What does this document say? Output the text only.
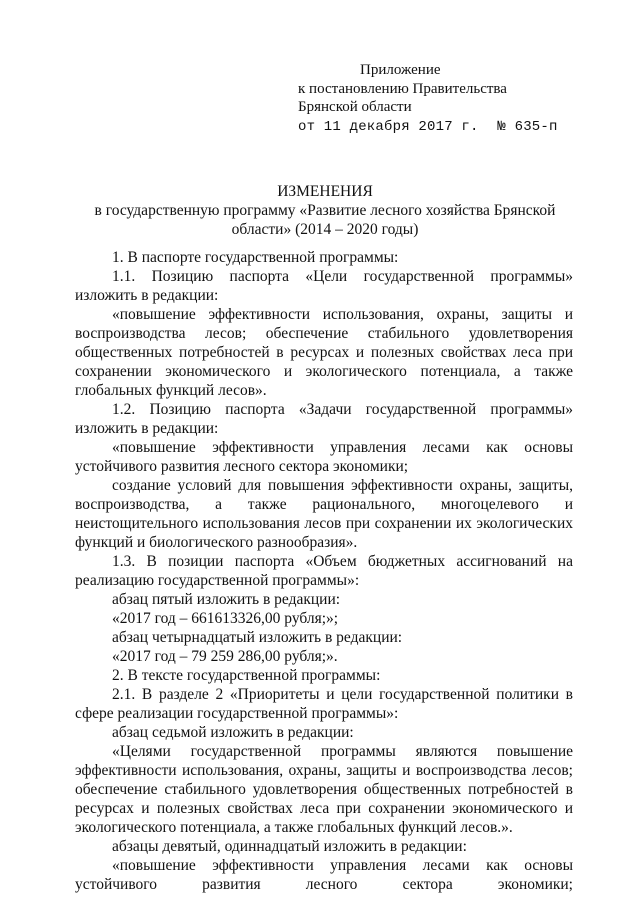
Приложение
к постановлению Правительства
Брянской области
от 11 декабря 2017 г. № 635-п
ИЗМЕНЕНИЯ
в государственную программу «Развитие лесного хозяйства Брянской
области» (2014 – 2020 годы)

1. В паспорте государственной программы:

1.1. Позицию паспорта «Цели государственной программы» изложить в редакции:

«повышение эффективности использования, охраны, защиты и воспроизводства лесов; обеспечение стабильного удовлетворения общественных потребностей в ресурсах и полезных свойствах леса при сохранении экономического и экологического потенциала, а также глобальных функций лесов».

1.2. Позицию паспорта «Задачи государственной программы» изложить в редакции:

«повышение эффективности управления лесами как основы устойчивого развития лесного сектора экономики;

создание условий для повышения эффективности охраны, защиты, воспроизводства, а также рационального, многоцелевого и неистощительного использования лесов при сохранении их экологических функций и биологического разнообразия».

1.3. В позиции паспорта «Объем бюджетных ассигнований на реализацию государственной программы»:

абзац пятый изложить в редакции:

«2017 год – 661613326,00 рубля;»;

абзац четырнадцатый изложить в редакции:

«2017 год – 79 259 286,00 рубля;».

2. В тексте государственной программы:

2.1. В разделе 2 «Приоритеты и цели государственной политики в сфере реализации государственной программы»:

абзац седьмой изложить в редакции:

«Целями государственной программы являются повышение эффективности использования, охраны, защиты и воспроизводства лесов; обеспечение стабильного удовлетворения общественных потребностей в ресурсах и полезных свойствах леса при сохранении экономического и экологического потенциала, а также глобальных функций лесов.».

абзацы девятый, одиннадцатый изложить в редакции:

«повышение эффективности управления лесами как основы устойчивого развития лесного сектора экономики;
